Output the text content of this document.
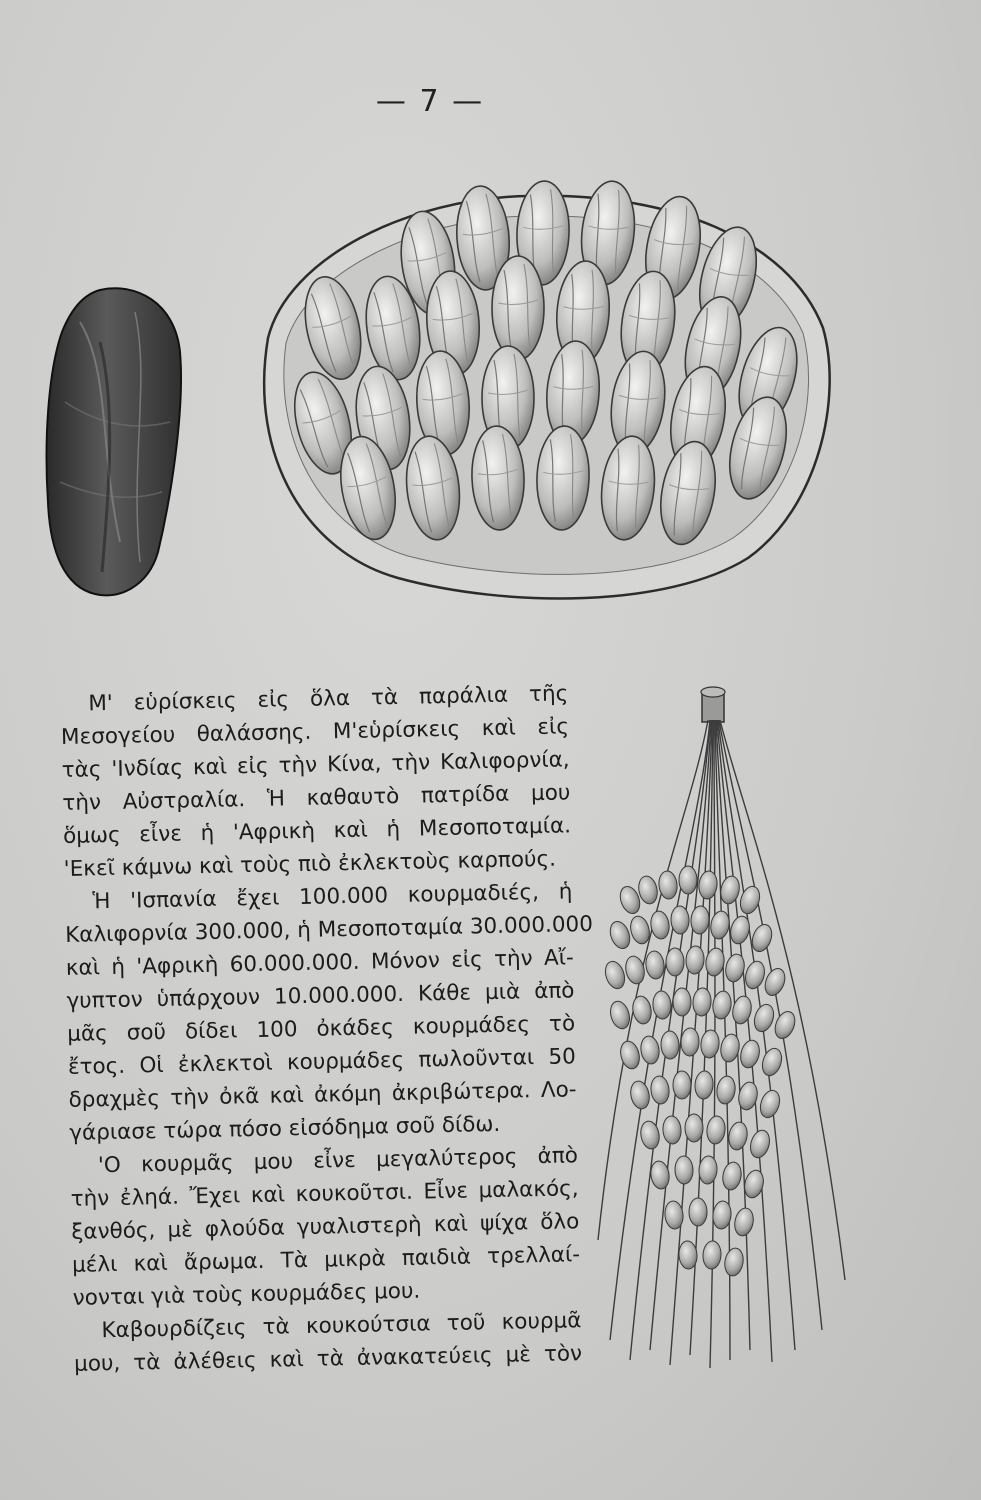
— 7 —

Μ' εὑρίσκεις εἰς ὅλα τὰ παράλια τῆς
Μεσογείου θαλάσσης. Μ'εὑρίσκεις καὶ εἰς
τὰς 'Ινδίας καὶ εἰς τὴν Κίνα, τὴν Καλιφορνία,
τὴν Αὐστραλία. Ἡ καθαυτὸ πατρίδα μου
ὅμως εἶνε ἡ 'Αφρικὴ καὶ ἡ Μεσοποταμία.
'Εκεῖ κάμνω καὶ τοὺς πιὸ ἐκλεκτοὺς καρπούς.

Ἡ 'Ισπανία ἔχει 100.000 κουρμαδιές, ἡ
Καλιφορνία 300.000, ἡ Μεσοποταμία 30.000.000
καὶ ἡ 'Αφρικὴ 60.000.000. Μόνον εἰς τὴν Αἴ-
γυπτον ὑπάρχουν 10.000.000. Κάθε μιὰ ἀπὸ
μᾶς σοῦ δίδει 100 ὀκάδες κουρμάδες τὸ
ἔτος. Οἱ ἐκλεκτοὶ κουρμάδες πωλοῦνται 50
δραχμὲς τὴν ὀκᾶ καὶ ἀκόμη ἀκριβώτερα. Λο-
γάριασε τώρα πόσο εἰσόδημα σοῦ δίδω.

'Ο κουρμᾶς μου εἶνε μεγαλύτερος ἀπὸ
τὴν ἐληά. Ἔχει καὶ κουκοῦτσι. Εἶνε μαλακός,
ξανθός, μὲ φλούδα γυαλιστερὴ καὶ ψίχα ὅλο
μέλι καὶ ἄρωμα. Τὰ μικρὰ παιδιὰ τρελλαί-
νονται γιὰ τοὺς κουρμάδες μου.

Καβουρδίζεις τὰ κουκούτσια τοῦ κουρμᾶ
μου, τὰ ἀλέθεις καὶ τὰ ἀνακατεύεις μὲ τὸν
